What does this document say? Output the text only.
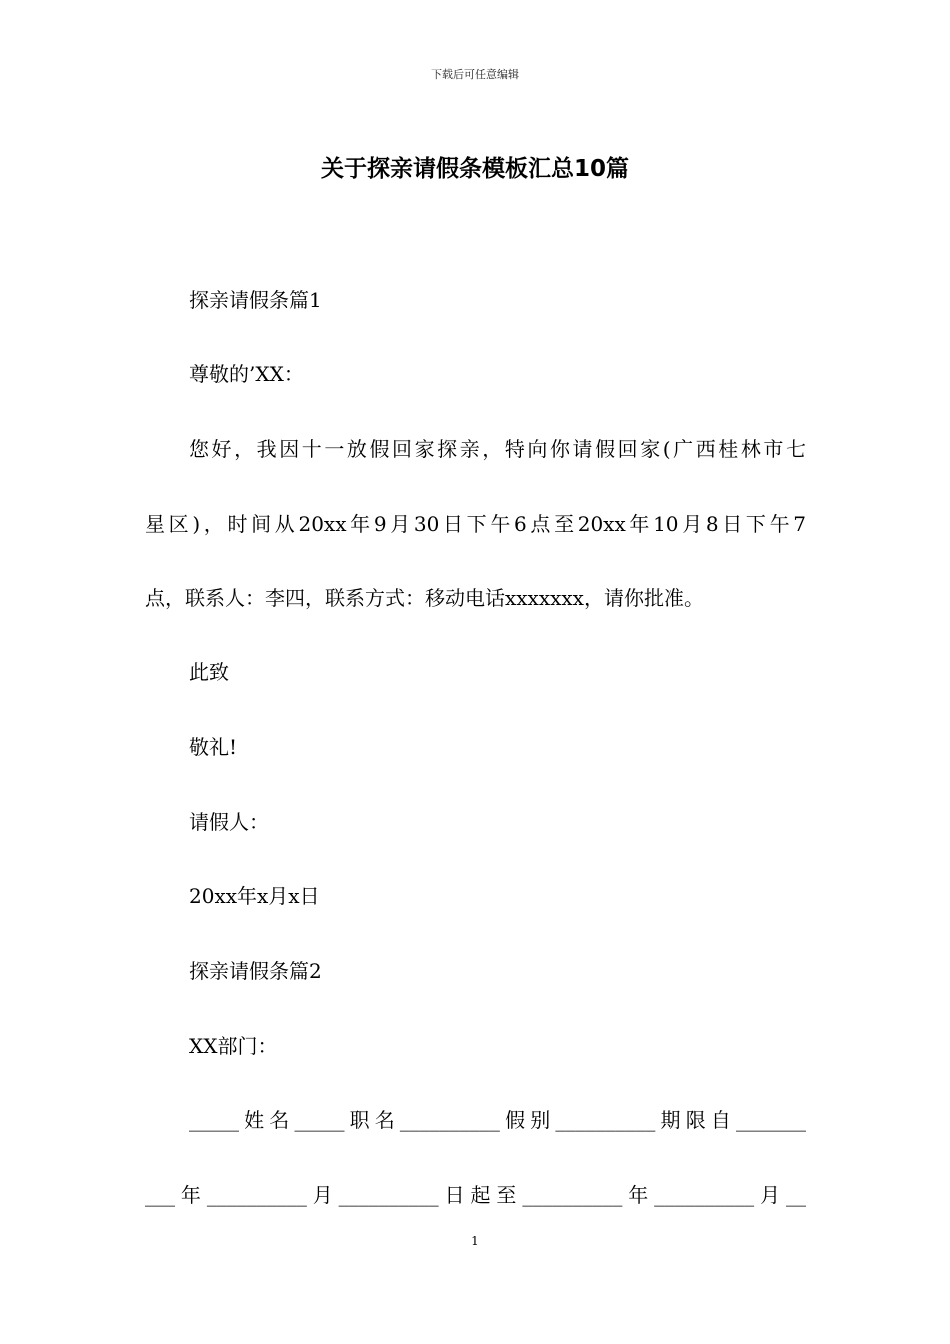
下载后可任意编辑
关于探亲请假条模板汇总10篇
探亲请假条篇1
尊敬的’XX：
您好，我因十一放假回家探亲，特向你请假回家(广西桂林市七
星区)，时间从20xx年9月30日下午6点至20xx年10月8日下午7
点，联系人：李四，联系方式：移动电话xxxxxxx，请你批准。
此致
敬礼!
请假人：
20xx年x月x日
探亲请假条篇2
XX部门：
_____姓名_____职名__________假别__________期限自_______
___年__________月__________日起至__________年__________月__
1
